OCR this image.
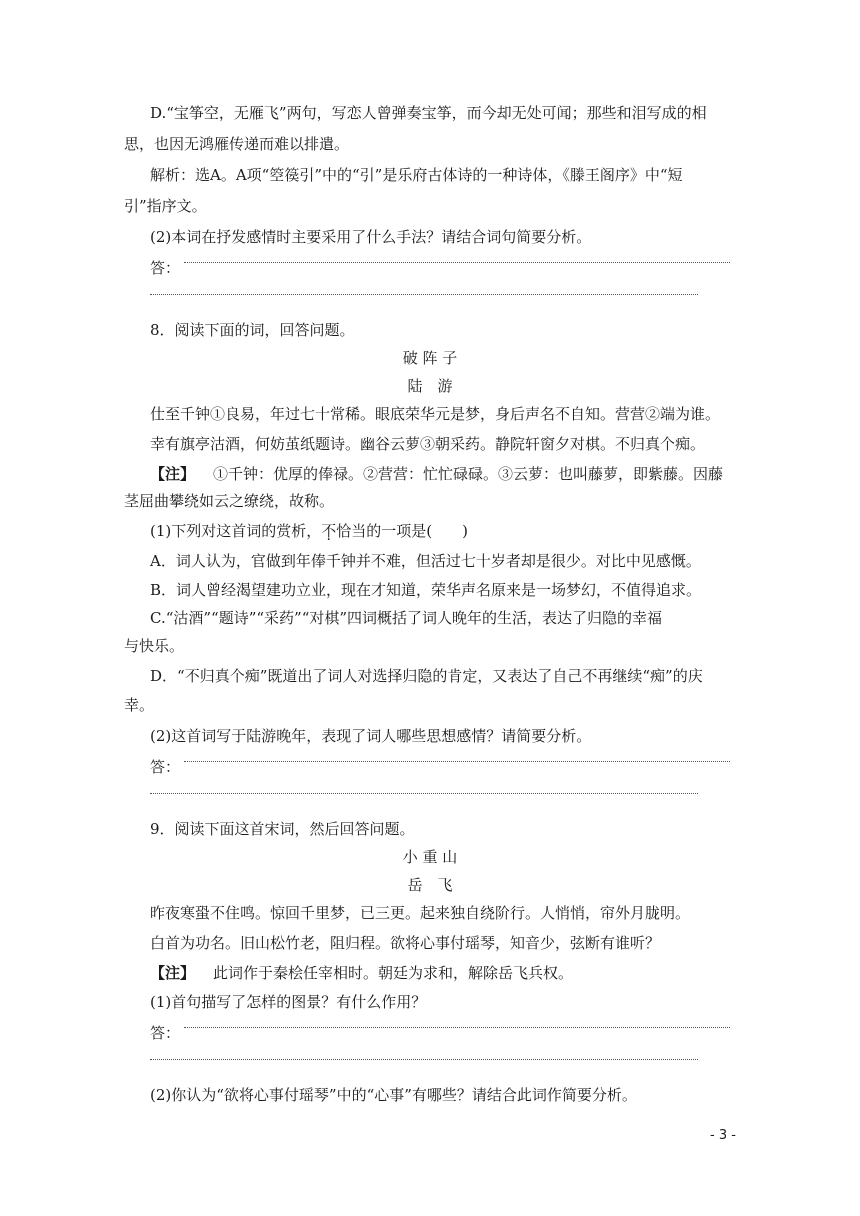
D.“宝筝空，无雁飞”两句，写恋人曾弹奏宝筝，而今却无处可闻；那些和泪写成的相
思，也因无鸿雁传递而难以排遣。
解析：选A。A项“箜篌引”中的“引”是乐府古体诗的一种诗体，《滕王阁序》中“短
引”指序文。
(2)本词在抒发感情时主要采用了什么手法？请结合词句简要分析。
答：
8．阅读下面的词，回答问题。
破 阵 子
陆　游
仕至千钟①良易，年过七十常稀。眼底荣华元是梦，身后声名不自知。营营②端为谁。
幸有旗亭沽酒，何妨茧纸题诗。幽谷云萝③朝采药。静院轩窗夕对棋。不归真个痴。
【注】 ①千钟：优厚的俸禄。②营营：忙忙碌碌。③云萝：也叫藤萝，即紫藤。因藤
茎屈曲攀绕如云之缭绕，故称。
(1)下列对这首词的赏析，不恰当的一项是(　　)
A．词人认为，官做到年俸千钟并不难，但活过七十岁者却是很少。对比中见感慨。
B．词人曾经渴望建功立业，现在才知道，荣华声名原来是一场梦幻，不值得追求。
C.“沽酒”“题诗”“采药”“对棋”四词概括了词人晚年的生活，表达了归隐的幸福
与快乐。
D．“不归真个痴”既道出了词人对选择归隐的肯定，又表达了自己不再继续“痴”的庆
幸。
(2)这首词写于陆游晚年，表现了词人哪些思想感情？请简要分析。
答：
9．阅读下面这首宋词，然后回答问题。
小 重 山
岳　飞
昨夜寒蛩不住鸣。惊回千里梦，已三更。起来独自绕阶行。人悄悄，帘外月胧明。
白首为功名。旧山松竹老，阻归程。欲将心事付瑶琴，知音少，弦断有谁听？
【注】 此词作于秦桧任宰相时。朝廷为求和，解除岳飞兵权。
(1)首句描写了怎样的图景？有什么作用？
答：
(2)你认为“欲将心事付瑶琴”中的“心事”有哪些？请结合此词作简要分析。
- 3 -
